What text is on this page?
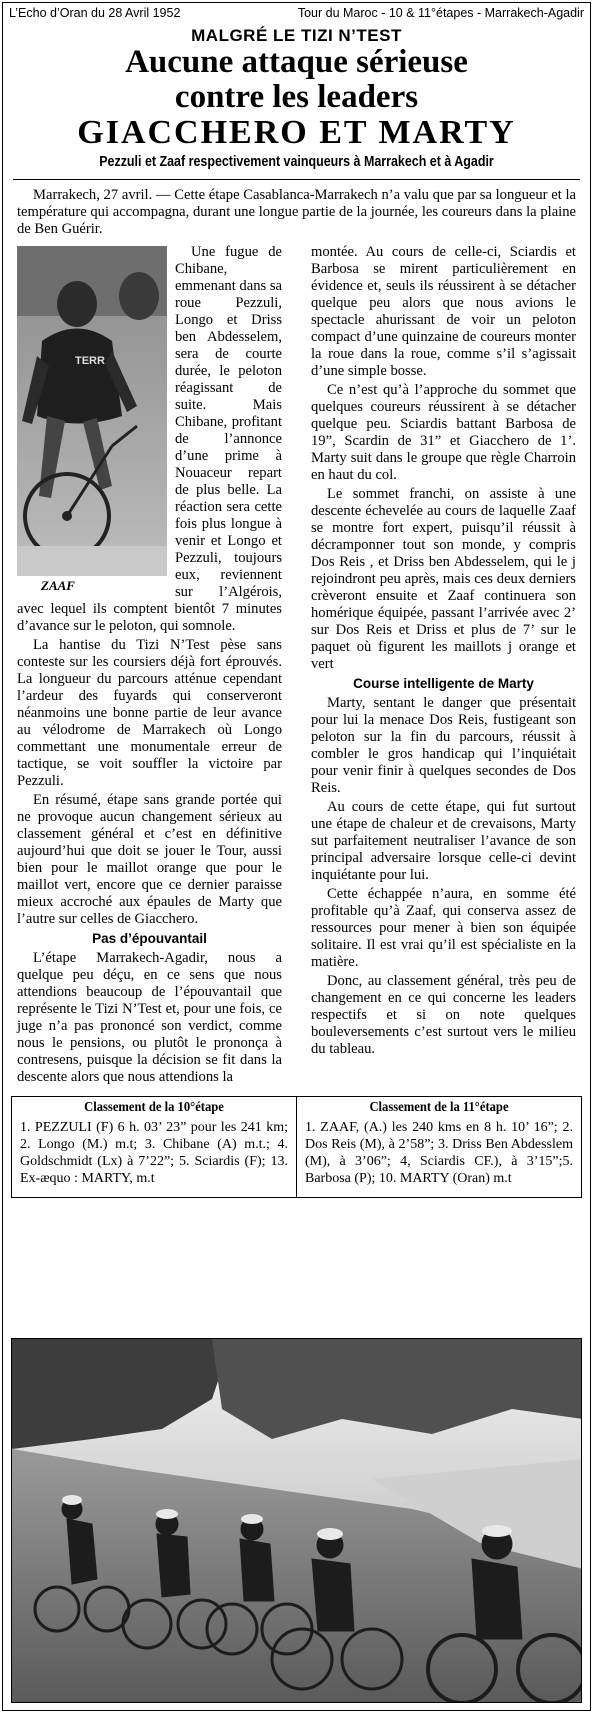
L’Echo d’Oran du 28 Avril 1952	Tour du Maroc - 10 & 11°étapes - Marrakech-Agadir
MALGRÉ LE TIZI N’TEST
Aucune attaque sérieuse
contre les leaders
GIACCHERO ET MARTY
Pezzuli et Zaaf respectivement vainqueurs à Marrakech et à Agadir

Marrakech, 27 avril. — Cette étape Casablanca-Marrakech n’a valu que par sa longueur et la température qui accompagna, durant une longue partie de la journée, les coureurs dans la plaine de Ben Guérir.

TERR
ZAAF

Une fugue de Chibane, emmenant dans sa roue Pezzuli, Longo et Driss ben Abdesselem, sera de courte durée, le peloton réagissant de suite. Mais Chibane, profitant de l’annonce d’une prime à Nouaceur repart de plus belle. La réaction sera cette fois plus longue à venir et Longo et Pezzuli, toujours eux, reviennent sur l’Algérois, avec lequel ils comptent bientôt 7 minutes d’avance sur le peloton, qui somnole.

La hantise du Tizi N’Test pèse sans conteste sur les coursiers déjà fort éprouvés. La longueur du parcours atténue cependant l’ardeur des fuyards qui conserveront néanmoins une bonne partie de leur avance au vélodrome de Marrakech où Longo commettant une monumentale erreur de tactique, se voit souffler la victoire par Pezzuli.

En résumé, étape sans grande portée qui ne provoque aucun changement sérieux au classement général et c’est en définitive aujourd’hui que doit se jouer le Tour, aussi bien pour le maillot orange que pour le maillot vert, encore que ce dernier paraisse mieux accroché aux épaules de Marty que l’autre sur celles de Giacchero.

Pas d’épouvantail

L’étape Marrakech-Agadir, nous a quelque peu déçu, en ce sens que nous attendions beaucoup de l’épouvantail que représente le Tizi N’Test et, pour une fois, ce juge n’a pas prononcé son verdict, comme nous le pensions, ou plutôt le prononça à contresens, puisque la décision se fit dans la descente alors que nous attendions la

montée. Au cours de celle-ci, Sciardis et Barbosa se mirent particulièrement en évidence et, seuls ils réussirent à se détacher quelque peu alors que nous avions le spectacle ahurissant de voir un peloton compact d’une quinzaine de coureurs monter la roue dans la roue, comme s’il s’agissait d’une simple bosse.

Ce n’est qu’à l’approche du sommet que quelques coureurs réussirent à se détacher quelque peu. Sciardis battant Barbosa de 19”, Scardin de 31” et Giacchero de 1’. Marty suit dans le groupe que règle Charroin en haut du col.

Le sommet franchi, on assiste à une descente échevelée au cours de laquelle Zaaf se montre fort expert, puisqu’il réussit à décramponner tout son monde, y compris Dos Reis , et Driss ben Abdesselem, qui le j rejoindront peu après, mais ces deux derniers crèveront ensuite et Zaaf continuera son homérique équipée, passant l’arrivée avec 2’ sur Dos Reis et Driss et plus de 7’ sur le paquet où figurent les maillots j orange et vert

Course intelligente de Marty

Marty, sentant le danger que présentait pour lui la menace Dos Reis, fustigeant son peloton sur la fin du parcours, réussit à combler le gros handicap qui l’inquiétait pour venir finir à quelques secondes de Dos Reis.

Au cours de cette étape, qui fut surtout une étape de chaleur et de crevaisons, Marty sut parfaitement neutraliser l’avance de son principal adversaire lorsque celle-ci devint inquiétante pour lui.

Cette échappée n’aura, en somme été profitable qu’à Zaaf, qui conserva assez de ressources pour mener à bien son équipée solitaire. Il est vrai qu’il est spécialiste en la matière.

Donc, au classement général, très peu de changement en ce qui concerne les leaders respectifs et si on note quelques bouleversements c’est surtout vers le milieu du tableau.

Classement de la 10°étape

1. PEZZULI (F) 6 h. 03’ 23” pour les 241 km; 2. Longo (M.) m.t; 3. Chibane (A) m.t.; 4. Goldschmidt (Lx) à 7’22”; 5. Sciardis (F); 13. Ex-æquo : MARTY, m.t

Classement de la 11°étape

1. ZAAF, (A.) les 240 kms en 8 h. 10’ 16”; 2. Dos Reis (M), à 2’58”; 3. Driss Ben Abdesslem (M), à 3’06”; 4, Sciardis CF.), à 3’15”;5. Barbosa (P); 10. MARTY (Oran) m.t
